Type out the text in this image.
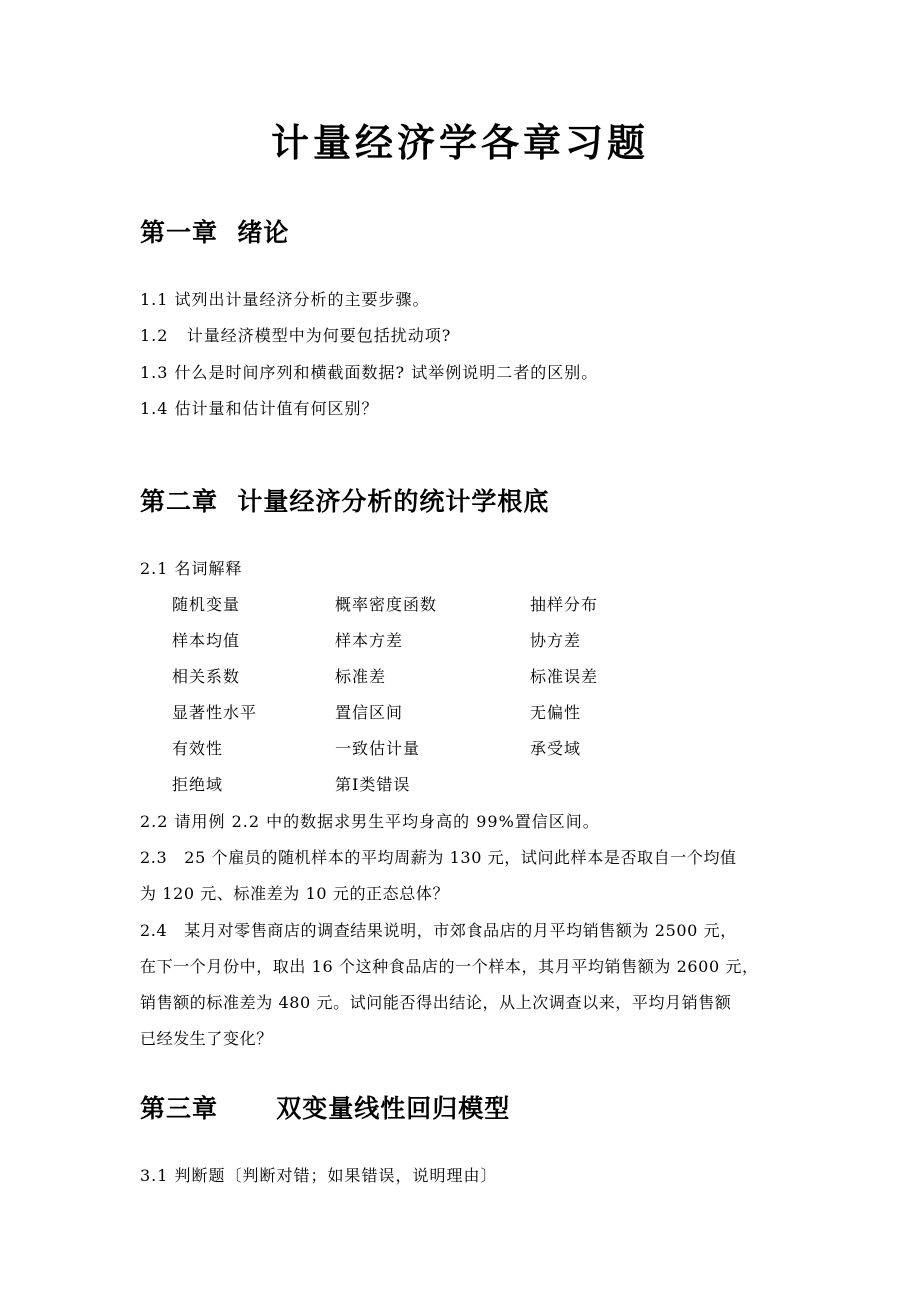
计量经济学各章习题
第一章  绪论
1.1 试列出计量经济分析的主要步骤。
1.2   计量经济模型中为何要包括扰动项?
1.3 什么是时间序列和横截面数据? 试举例说明二者的区别。
1.4 估计量和估计值有何区别？
第二章  计量经济分析的统计学根底
2.1 名词解释
随机变量	概率密度函数	抽样分布
样本均值	样本方差	协方差
相关系数	标准差	标准误差
显著性水平	置信区间	无偏性
有效性	一致估计量	承受域
拒绝域	第Ⅰ类错误
2.2 请用例 2.2 中的数据求男生平均身高的 99%置信区间。
2.3   25 个雇员的随机样本的平均周薪为 130 元，试问此样本是否取自一个均值
为 120 元、标准差为 10 元的正态总体？
2.4   某月对零售商店的调查结果说明，市郊食品店的月平均销售额为 2500 元，
在下一个月份中，取出 16 个这种食品店的一个样本，其月平均销售额为 2600 元，
销售额的标准差为 480 元。试问能否得出结论，从上次调查以来，平均月销售额
已经发生了变化？
第三章      双变量线性回归模型
3.1 判断题〔判断对错；如果错误，说明理由〕
